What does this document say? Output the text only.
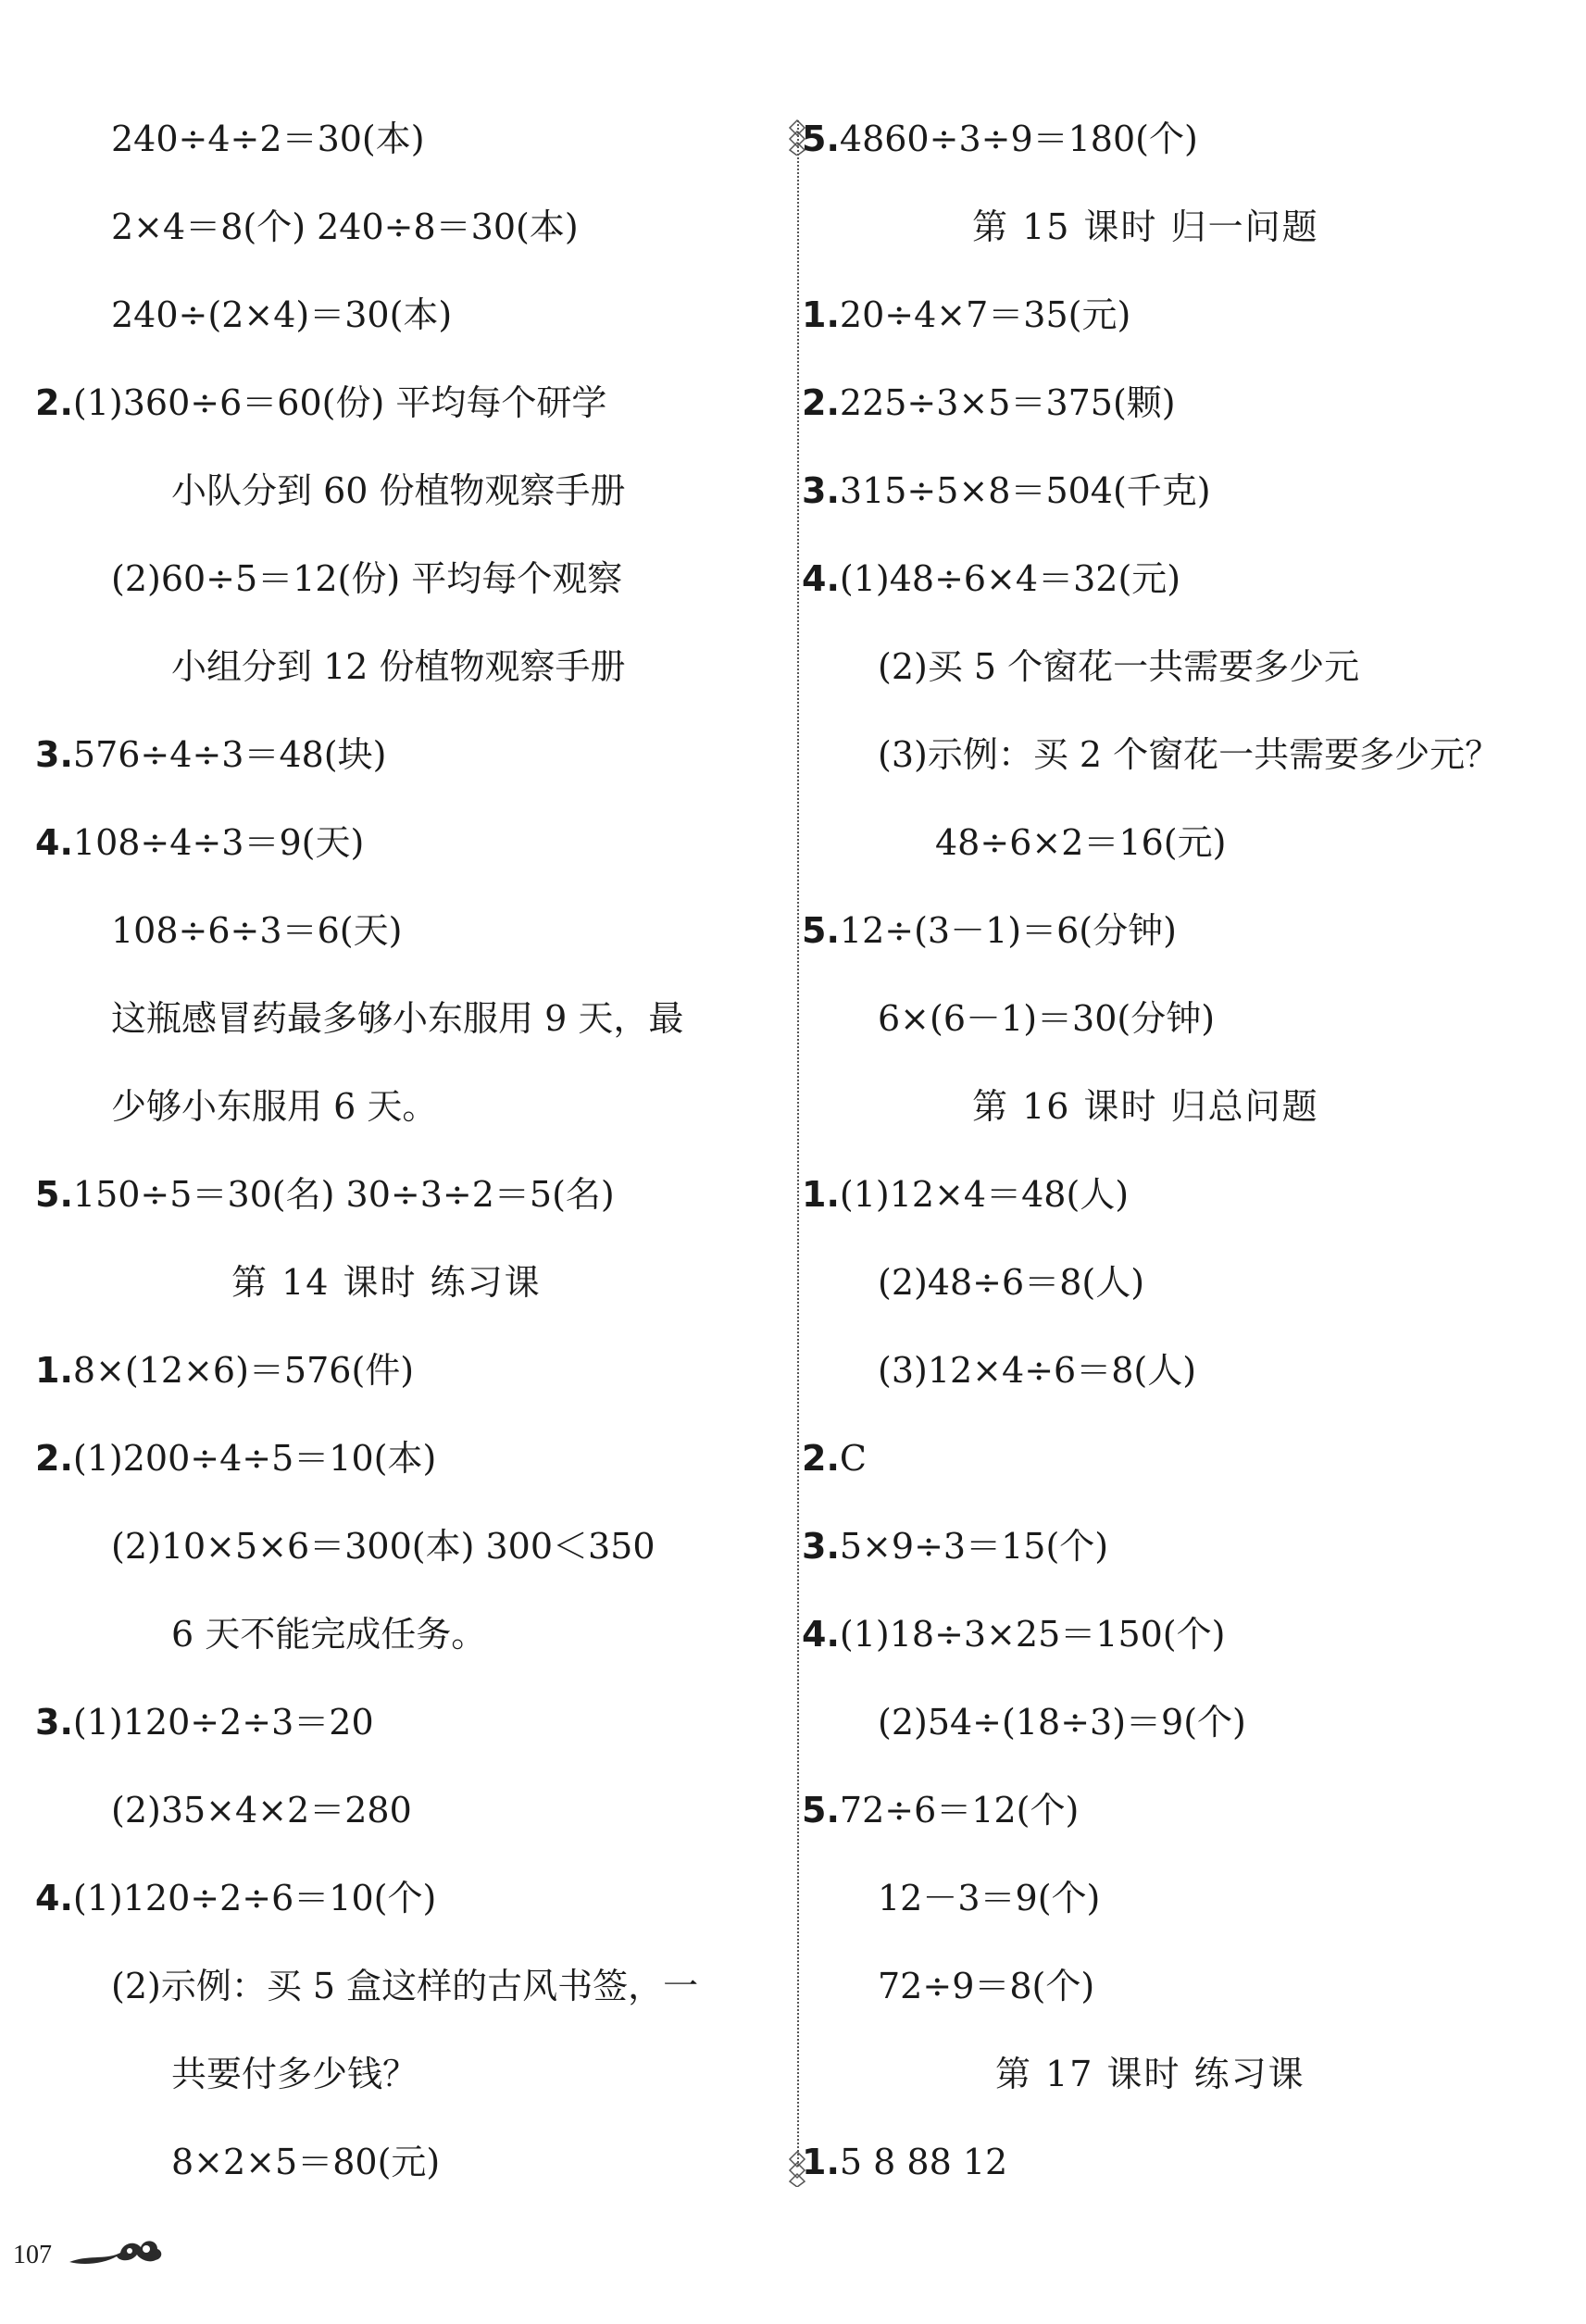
240÷4÷2＝30(本)
2×4＝8(个) 240÷8＝30(本)
240÷(2×4)＝30(本)
2.(1)360÷6＝60(份) 平均每个研学
小队分到 60 份植物观察手册
(2)60÷5＝12(份) 平均每个观察
小组分到 12 份植物观察手册
3.576÷4÷3＝48(块)
4.108÷4÷3＝9(天)
108÷6÷3＝6(天)
这瓶感冒药最多够小东服用 9 天，最
少够小东服用 6 天。
5.150÷5＝30(名) 30÷3÷2＝5(名)
第 14 课时 练习课
1.8×(12×6)＝576(件)
2.(1)200÷4÷5＝10(本)
(2)10×5×6＝300(本) 300＜350
6 天不能完成任务。
3.(1)120÷2÷3＝20
(2)35×4×2＝280
4.(1)120÷2÷6＝10(个)
(2)示例：买 5 盒这样的古风书签，一
共要付多少钱？
8×2×5＝80(元)
5.4860÷3÷9＝180(个)
第 15 课时 归一问题
1.20÷4×7＝35(元)
2.225÷3×5＝375(颗)
3.315÷5×8＝504(千克)
4.(1)48÷6×4＝32(元)
(2)买 5 个窗花一共需要多少元
(3)示例：买 2 个窗花一共需要多少元？
48÷6×2＝16(元)
5.12÷(3－1)＝6(分钟)
6×(6－1)＝30(分钟)
第 16 课时 归总问题
1.(1)12×4＝48(人)
(2)48÷6＝8(人)
(3)12×4÷6＝8(人)
2.C
3.5×9÷3＝15(个)
4.(1)18÷3×25＝150(个)
(2)54÷(18÷3)＝9(个)
5.72÷6＝12(个)
12－3＝9(个)
72÷9＝8(个)
第 17 课时 练习课
1.5 8 88 12
107
